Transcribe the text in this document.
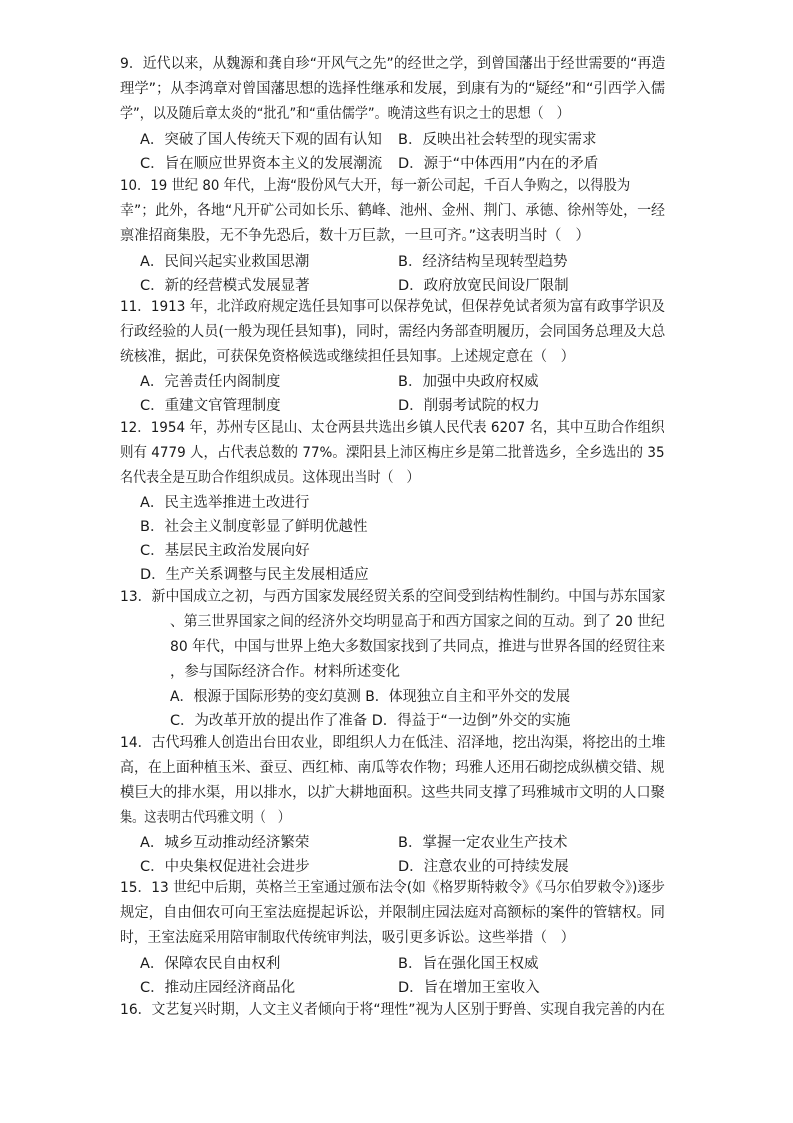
9．近代以来，从魏源和龚自珍“开风气之先”的经世之学，到曾国藩出于经世需要的“再造
理学”；从李鸿章对曾国藩思想的选择性继承和发展，到康有为的“疑经”和“引西学入儒
学”，以及随后章太炎的“批孔”和“重估儒学”。晚清这些有识之士的思想（　）
A．突破了国人传统天下观的固有认知 B．反映出社会转型的现实需求
C．旨在顺应世界资本主义的发展潮流 D．源于“中体西用”内在的矛盾
10．19 世纪 80 年代，上海“股份风气大开，每一新公司起，千百人争购之，以得股为
幸”；此外，各地“凡开矿公司如长乐、鹤峰、池州、金州、荆门、承德、徐州等处，一经
禀准招商集股，无不争先恐后，数十万巨款，一旦可齐。”这表明当时（　）
A．民间兴起实业救国思潮	B．经济结构呈现转型趋势
C．新的经营模式发展显著	D．政府放宽民间设厂限制
11．1913 年，北洋政府规定选任县知事可以保荐免试，但保荐免试者须为富有政事学识及
行政经验的人员(一般为现任县知事)，同时，需经内务部查明履历，会同国务总理及大总
统核准，据此，可获保免资格候选或继续担任县知事。上述规定意在（　）
A．完善责任内阁制度	B．加强中央政府权威
C．重建文官管理制度	D．削弱考试院的权力
12．1954 年，苏州专区昆山、太仓两县共选出乡镇人民代表 6207 名，其中互助合作组织
则有 4779 人，占代表总数的 77%。溧阳县上沛区梅庄乡是第二批普选乡，全乡选出的 35
名代表全是互助合作组织成员。这体现出当时（　）
A．民主选举推进土改进行
B．社会主义制度彰显了鲜明优越性
C．基层民主政治发展向好
D．生产关系调整与民主发展相适应
13．新中国成立之初，与西方国家发展经贸关系的空间受到结构性制约。中国与苏东国家
、第三世界国家之间的经济外交均明显高于和西方国家之间的互动。到了 20 世纪
80 年代，中国与世界上绝大多数国家找到了共同点，推进与世界各国的经贸往来
，参与国际经济合作。材料所述变化
A．根源于国际形势的变幻莫测 B．体现独立自主和平外交的发展
C．为改革开放的提出作了准备 D．得益于“一边倒”外交的实施
14．古代玛雅人创造出台田农业，即组织人力在低洼、沼泽地，挖出沟渠，将挖出的土堆
高，在上面种植玉米、蚕豆、西红柿、南瓜等农作物；玛雅人还用石砌挖成纵横交错、规
模巨大的排水渠，用以排水，以扩大耕地面积。这些共同支撑了玛雅城市文明的人口聚
集。这表明古代玛雅文明（　）
A．城乡互动推动经济繁荣	B．掌握一定农业生产技术
C．中央集权促进社会进步	D．注意农业的可持续发展
15．13 世纪中后期，英格兰王室通过颁布法令(如《格罗斯特敕令》《马尔伯罗敕令》)逐步
规定，自由佃农可向王室法庭提起诉讼，并限制庄园法庭对高额标的案件的管辖权。同
时，王室法庭采用陪审制取代传统审判法，吸引更多诉讼。这些举措（　）
A．保障农民自由权利	B．旨在强化国王权威
C．推动庄园经济商品化	D．旨在增加王室收入
16．文艺复兴时期，人文主义者倾向于将“理性”视为人区别于野兽、实现自我完善的内在
